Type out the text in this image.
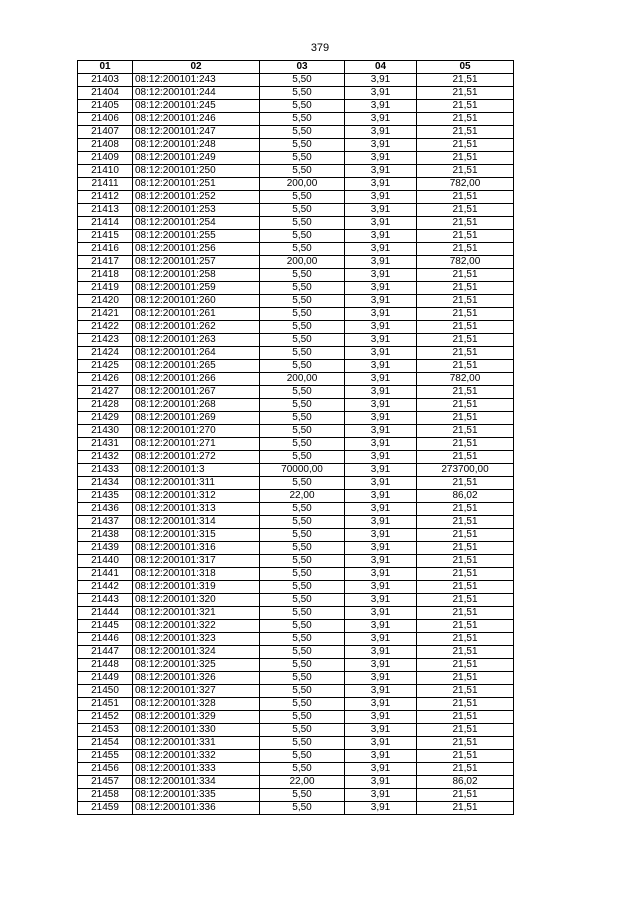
379
01	02	03	04	05
21403	08:12:200101:243	5,50	3,91	21,51
21404	08:12:200101:244	5,50	3,91	21,51
21405	08:12:200101:245	5,50	3,91	21,51
21406	08:12:200101:246	5,50	3,91	21,51
21407	08:12:200101:247	5,50	3,91	21,51
21408	08:12:200101:248	5,50	3,91	21,51
21409	08:12:200101:249	5,50	3,91	21,51
21410	08:12:200101:250	5,50	3,91	21,51
21411	08:12:200101:251	200,00	3,91	782,00
21412	08:12:200101:252	5,50	3,91	21,51
21413	08:12:200101:253	5,50	3,91	21,51
21414	08:12:200101:254	5,50	3,91	21,51
21415	08:12:200101:255	5,50	3,91	21,51
21416	08:12:200101:256	5,50	3,91	21,51
21417	08:12:200101:257	200,00	3,91	782,00
21418	08:12:200101:258	5,50	3,91	21,51
21419	08:12:200101:259	5,50	3,91	21,51
21420	08:12:200101:260	5,50	3,91	21,51
21421	08:12:200101:261	5,50	3,91	21,51
21422	08:12:200101:262	5,50	3,91	21,51
21423	08:12:200101:263	5,50	3,91	21,51
21424	08:12:200101:264	5,50	3,91	21,51
21425	08:12:200101:265	5,50	3,91	21,51
21426	08:12:200101:266	200,00	3,91	782,00
21427	08:12:200101:267	5,50	3,91	21,51
21428	08:12:200101:268	5,50	3,91	21,51
21429	08:12:200101:269	5,50	3,91	21,51
21430	08:12:200101:270	5,50	3,91	21,51
21431	08:12:200101:271	5,50	3,91	21,51
21432	08:12:200101:272	5,50	3,91	21,51
21433	08:12:200101:3	70000,00	3,91	273700,00
21434	08:12:200101:311	5,50	3,91	21,51
21435	08:12:200101:312	22,00	3,91	86,02
21436	08:12:200101:313	5,50	3,91	21,51
21437	08:12:200101:314	5,50	3,91	21,51
21438	08:12:200101:315	5,50	3,91	21,51
21439	08:12:200101:316	5,50	3,91	21,51
21440	08:12:200101:317	5,50	3,91	21,51
21441	08:12:200101:318	5,50	3,91	21,51
21442	08:12:200101:319	5,50	3,91	21,51
21443	08:12:200101:320	5,50	3,91	21,51
21444	08:12:200101:321	5,50	3,91	21,51
21445	08:12:200101:322	5,50	3,91	21,51
21446	08:12:200101:323	5,50	3,91	21,51
21447	08:12:200101:324	5,50	3,91	21,51
21448	08:12:200101:325	5,50	3,91	21,51
21449	08:12:200101:326	5,50	3,91	21,51
21450	08:12:200101:327	5,50	3,91	21,51
21451	08:12:200101:328	5,50	3,91	21,51
21452	08:12:200101:329	5,50	3,91	21,51
21453	08:12:200101:330	5,50	3,91	21,51
21454	08:12:200101:331	5,50	3,91	21,51
21455	08:12:200101:332	5,50	3,91	21,51
21456	08:12:200101:333	5,50	3,91	21,51
21457	08:12:200101:334	22,00	3,91	86,02
21458	08:12:200101:335	5,50	3,91	21,51
21459	08:12:200101:336	5,50	3,91	21,51
